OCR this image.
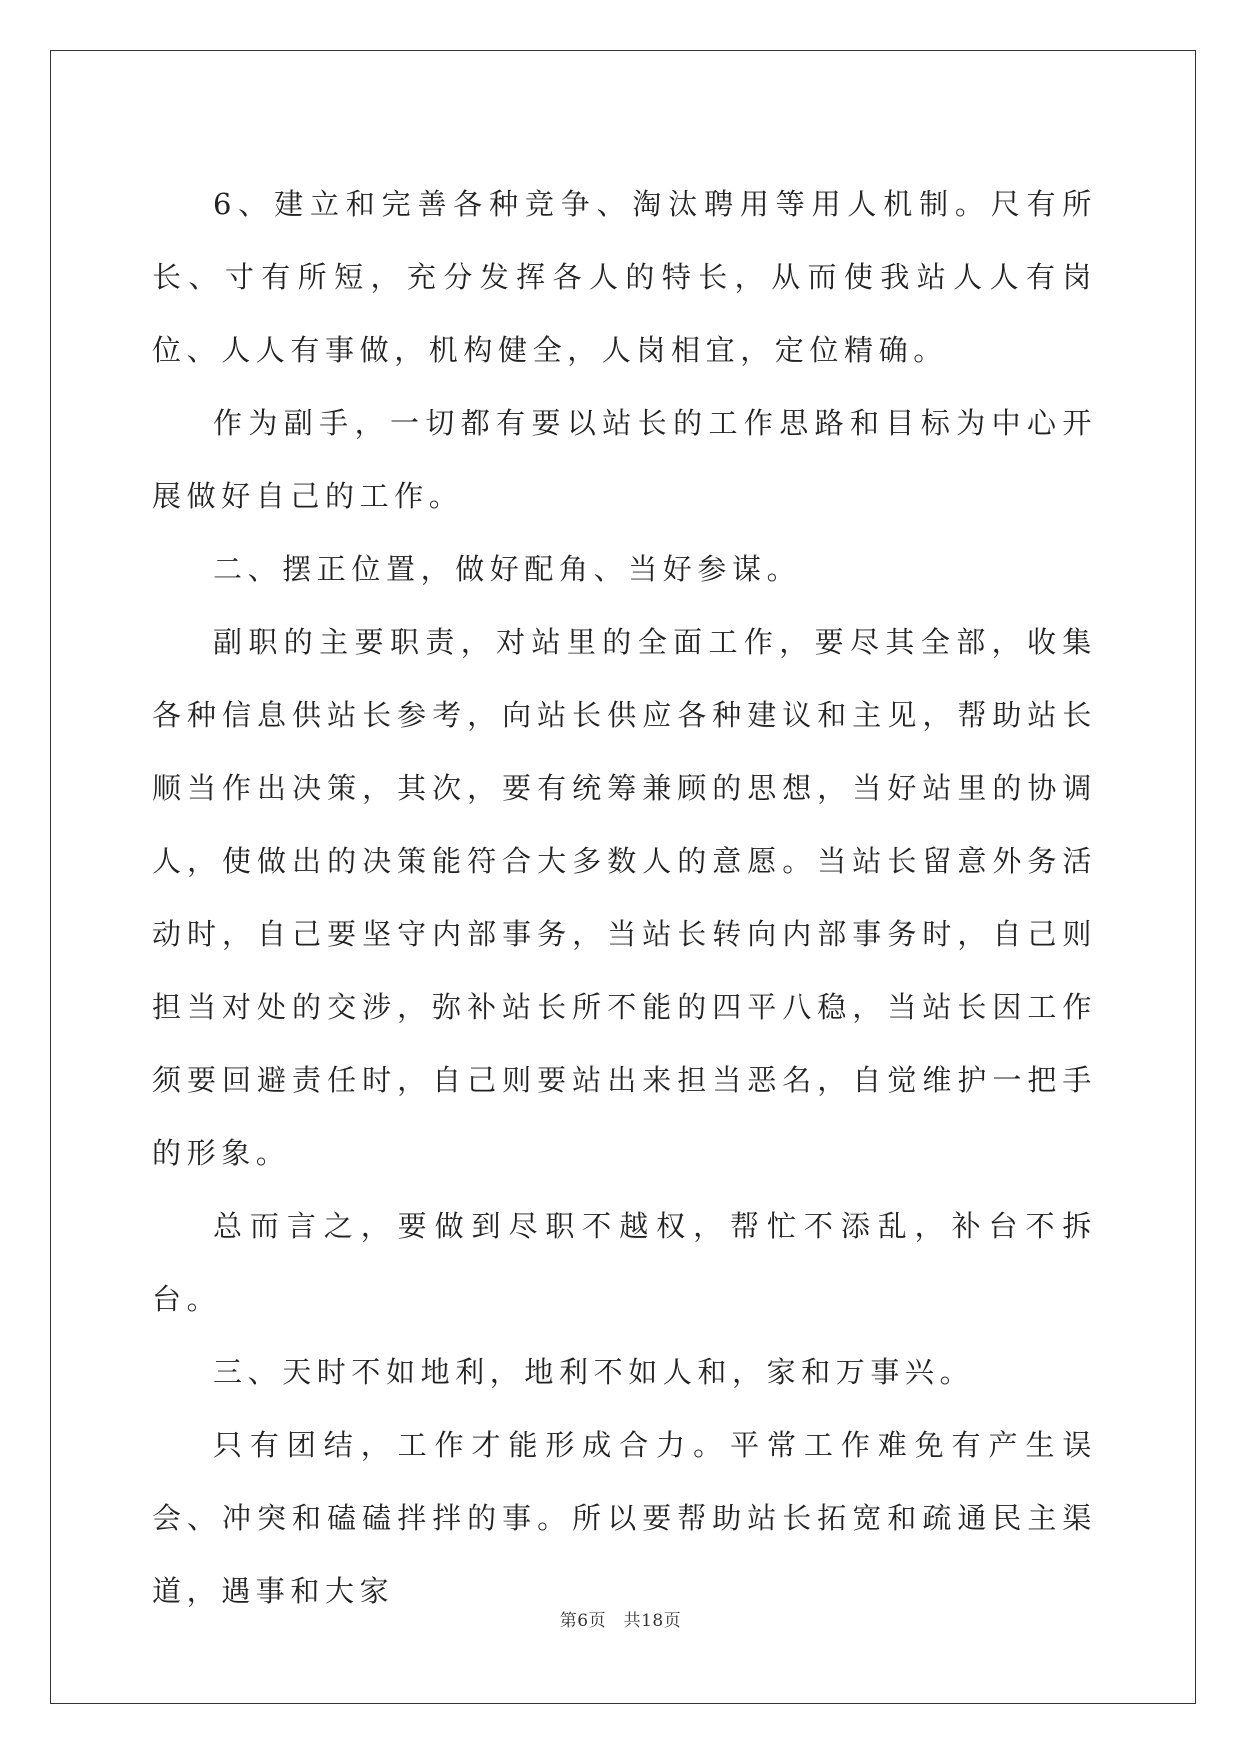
6、建立和完善各种竞争、淘汰聘用等用人机制。尺有所长、寸有所短，充分发挥各人的特长，从而使我站人人有岗位、人人有事做，机构健全，人岗相宜，定位精确。

作为副手，一切都有要以站长的工作思路和目标为中心开展做好自己的工作。

二、摆正位置，做好配角、当好参谋。

副职的主要职责，对站里的全面工作，要尽其全部，收集各种信息供站长参考，向站长供应各种建议和主见，帮助站长顺当作出决策，其次，要有统筹兼顾的思想，当好站里的协调人，使做出的决策能符合大多数人的意愿。当站长留意外务活动时，自己要坚守内部事务，当站长转向内部事务时，自己则担当对处的交涉，弥补站长所不能的四平八稳，当站长因工作须要回避责任时，自己则要站出来担当恶名，自觉维护一把手的形象。

总而言之，要做到尽职不越权，帮忙不添乱，补台不拆台。

三、天时不如地利，地利不如人和，家和万事兴。

只有团结，工作才能形成合力。平常工作难免有产生误会、冲突和磕磕拌拌的事。所以要帮助站长拓宽和疏通民主渠道，遇事和大家

第6页　共18页
